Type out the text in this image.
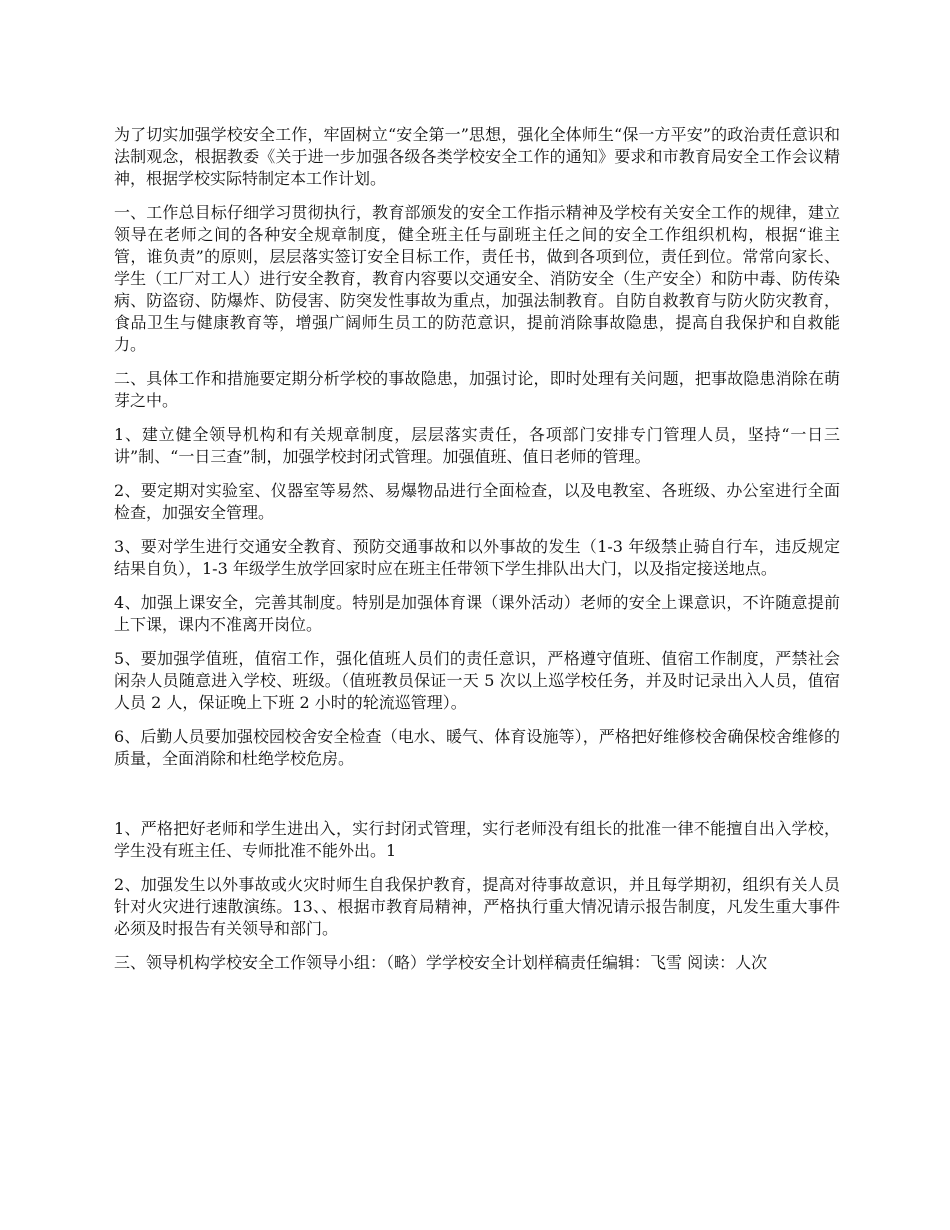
为了切实加强学校安全工作，牢固树立“安全第一”思想，强化全体师生“保一方平安”的政治责任意识和法制观念，根据教委《关于进一步加强各级各类学校安全工作的通知》要求和市教育局安全工作会议精神，根据学校实际特制定本工作计划。

一、工作总目标仔细学习贯彻执行，教育部颁发的安全工作指示精神及学校有关安全工作的规律，建立领导在老师之间的各种安全规章制度，健全班主任与副班主任之间的安全工作组织机构，根据“谁主管，谁负责”的原则，层层落实签订安全目标工作，责任书，做到各项到位，责任到位。常常向家长、学生（工厂对工人）进行安全教育，教育内容要以交通安全、消防安全（生产安全）和防中毒、防传染病、防盗窃、防爆炸、防侵害、防突发性事故为重点，加强法制教育。自防自救教育与防火防灾教育，食品卫生与健康教育等，增强广阔师生员工的防范意识，提前消除事故隐患，提高自我保护和自救能力。

二、具体工作和措施要定期分析学校的事故隐患，加强讨论，即时处理有关问题，把事故隐患消除在萌芽之中。

1、建立健全领导机构和有关规章制度，层层落实责任，各项部门安排专门管理人员，坚持“一日三讲”制、“一日三查”制，加强学校封闭式管理。加强值班、值日老师的管理。

2、要定期对实验室、仪器室等易然、易爆物品进行全面检查，以及电教室、各班级、办公室进行全面检查，加强安全管理。

3、要对学生进行交通安全教育、预防交通事故和以外事故的发生（1-3 年级禁止骑自行车，违反规定结果自负），1-3 年级学生放学回家时应在班主任带领下学生排队出大门，以及指定接送地点。

4、加强上课安全，完善其制度。特别是加强体育课（课外活动）老师的安全上课意识，不许随意提前上下课，课内不准离开岗位。

5、要加强学值班，值宿工作，强化值班人员们的责任意识，严格遵守值班、值宿工作制度，严禁社会闲杂人员随意进入学校、班级。（值班教员保证一天 5 次以上巡学校任务，并及时记录出入人员，值宿人员 2 人，保证晚上下班 2 小时的轮流巡管理）。

6、后勤人员要加强校园校舍安全检查（电水、暖气、体育设施等），严格把好维修校舍确保校舍维修的质量，全面消除和杜绝学校危房。

1、严格把好老师和学生进出入，实行封闭式管理，实行老师没有组长的批准一律不能擅自出入学校，学生没有班主任、专师批准不能外出。1

2、加强发生以外事故或火灾时师生自我保护教育，提高对待事故意识，并且每学期初，组织有关人员针对火灾进行速散演练。13、、根据市教育局精神，严格执行重大情况请示报告制度，凡发生重大事件必须及时报告有关领导和部门。

三、领导机构学校安全工作领导小组：（略）学学校安全计划样稿责任编辑：飞雪 阅读：人次
